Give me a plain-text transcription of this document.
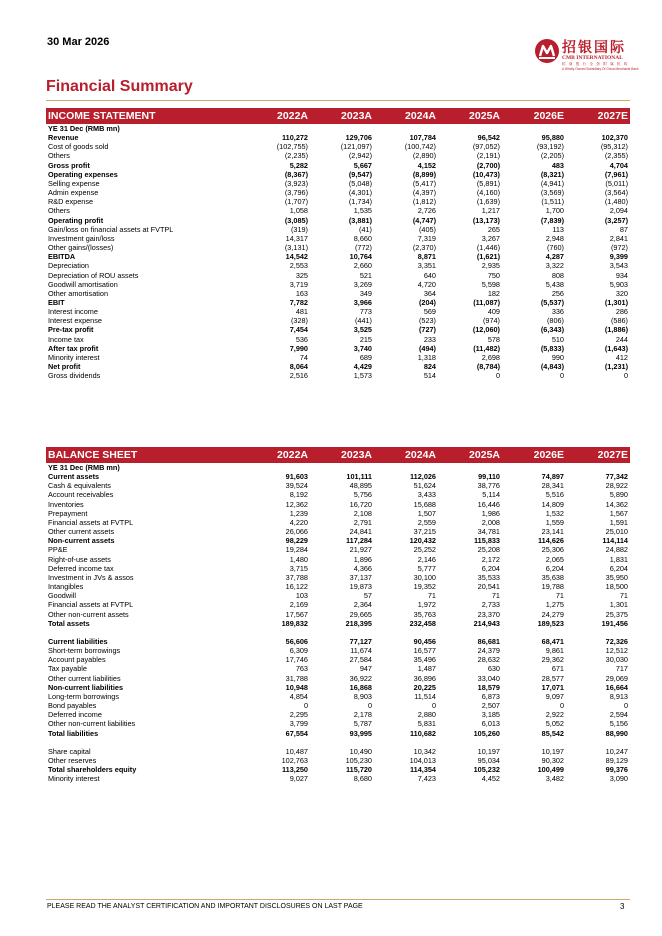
30 Mar 2026	招银国际
CMB INTERNATIONAL
招 商 银 行 全 资 附 属 机 构
A Wholly Owned Subsidiary Of China Merchants Bank
Financial Summary
INCOME STATEMENT	2022A	2023A	2024A	2025A	2026E	2027E
YE 31 Dec (RMB mn)						
Revenue	110,272	129,706	107,784	96,542	95,880	102,370
Cost of goods sold	(102,755)	(121,097)	(100,742)	(97,052)	(93,192)	(95,312)
Others	(2,235)	(2,942)	(2,890)	(2,191)	(2,205)	(2,355)
Gross profit	5,282	5,667	4,152	(2,700)	483	4,704
Operating expenses	(8,367)	(9,547)	(8,899)	(10,473)	(8,321)	(7,961)
Selling expense	(3,923)	(5,048)	(5,417)	(5,891)	(4,941)	(5,011)
Admin expense	(3,796)	(4,301)	(4,397)	(4,160)	(3,569)	(3,564)
R&D expense	(1,707)	(1,734)	(1,812)	(1,639)	(1,511)	(1,480)
Others	1,058	1,535	2,726	1,217	1,700	2,094
Operating profit	(3,085)	(3,881)	(4,747)	(13,173)	(7,839)	(3,257)
Gain/loss on financial assets at FVTPL	(319)	(41)	(405)	265	113	87
Investment gain/loss	14,317	8,660	7,319	3,267	2,948	2,841
Other gains/(losses)	(3,131)	(772)	(2,370)	(1,446)	(760)	(972)
EBITDA	14,542	10,764	8,871	(1,621)	4,287	9,399
Depreciation	2,553	2,660	3,351	2,935	3,322	3,543
Depreciation of ROU assets	325	521	640	750	808	934
Goodwill amortisation	3,719	3,269	4,720	5,598	5,438	5,903
Other amortisation	163	349	364	182	256	320
EBIT	7,782	3,966	(204)	(11,087)	(5,537)	(1,301)
Interest income	481	773	569	409	336	286
Interest expense	(328)	(441)	(523)	(974)	(806)	(586)
Pre-tax profit	7,454	3,525	(727)	(12,060)	(6,343)	(1,886)
Income tax	536	215	233	578	510	244
After tax profit	7,990	3,740	(494)	(11,482)	(5,833)	(1,643)
Minority interest	74	689	1,318	2,698	990	412
Net profit	8,064	4,429	824	(8,784)	(4,843)	(1,231)
Gross dividends	2,516	1,573	514	0	0	0
BALANCE SHEET	2022A	2023A	2024A	2025A	2026E	2027E
YE 31 Dec (RMB mn)						
Current assets	91,603	101,111	112,026	99,110	74,897	77,342
Cash & equivalents	39,524	48,895	51,624	38,776	28,341	28,922
Account receivables	8,192	5,756	3,433	5,114	5,516	5,890
Inventories	12,362	16,720	15,688	16,446	14,809	14,362
Prepayment	1,239	2,108	1,507	1,986	1,532	1,567
Financial assets at FVTPL	4,220	2,791	2,559	2,008	1,559	1,591
Other current assets	26,066	24,841	37,215	34,781	23,141	25,010
Non-current assets	98,229	117,284	120,432	115,833	114,626	114,114
PP&E	19,284	21,927	25,252	25,208	25,306	24,882
Right-of-use assets	1,480	1,896	2,146	2,172	2,065	1,831
Deferred income tax	3,715	4,366	5,777	6,204	6,204	6,204
Investment in JVs & assos	37,788	37,137	30,100	35,533	35,638	35,950
Intangibles	16,122	19,873	19,352	20,541	19,788	18,500
Goodwill	103	57	71	71	71	71
Financial assets at FVTPL	2,169	2,364	1,972	2,733	1,275	1,301
Other non-current assets	17,567	29,665	35,763	23,370	24,279	25,375
Total assets	189,832	218,395	232,458	214,943	189,523	191,456

Current liabilities	56,606	77,127	90,456	86,681	68,471	72,326
Short-term borrowings	6,309	11,674	16,577	24,379	9,861	12,512
Account payables	17,746	27,584	35,496	28,632	29,362	30,030
Tax payable	763	947	1,487	630	671	717
Other current liabilities	31,788	36,922	36,896	33,040	28,577	29,069
Non-current liabilities	10,948	16,868	20,225	18,579	17,071	16,664
Long-term borrowings	4,854	8,903	11,514	6,873	9,097	8,913
Bond payables	0	0	0	2,507	0	0
Deferred income	2,295	2,178	2,880	3,185	2,922	2,594
Other non-current liabilities	3,799	5,787	5,831	6,013	5,052	5,156
Total liabilities	67,554	93,995	110,682	105,260	85,542	88,990

Share capital	10,487	10,490	10,342	10,197	10,197	10,247
Other reserves	102,763	105,230	104,013	95,034	90,302	89,129
Total shareholders equity	113,250	115,720	114,354	105,232	100,499	99,376
Minority interest	9,027	8,680	7,423	4,452	3,482	3,090
PLEASE READ THE ANALYST CERTIFICATION AND IMPORTANT DISCLOSURES ON LAST PAGE	3
